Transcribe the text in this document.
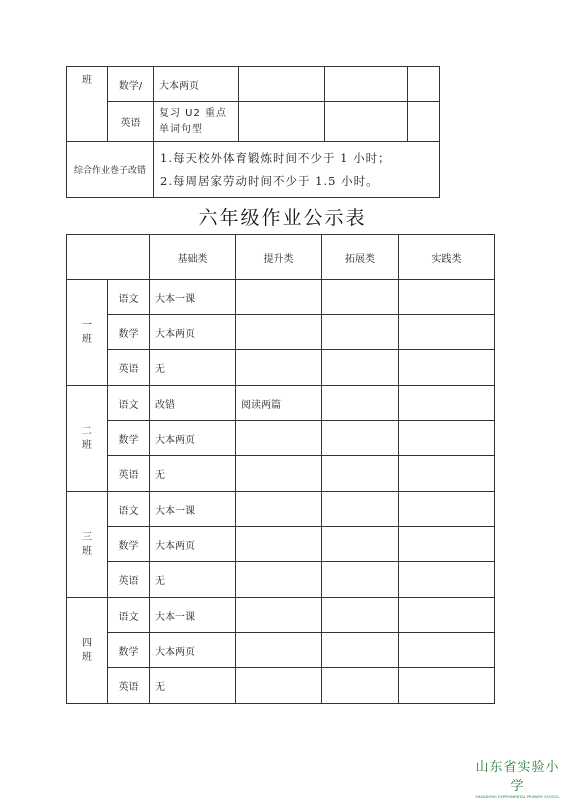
班	数学/	大本两页			
	英语	复习 U2 重点单词句型			
综合作业巻子改错		1.每天校外体育锻炼时间不少于 1 小时；
2.每周居家劳动时间不少于 1.5 小时。			
六年级作业公示表
		基础类	提升类	拓展类	实践类
一班	语文	大本一课			
	数学	大本两页			
	英语	无			
二班	语文	改错	阅读两篇		
	数学	大本两页			
	英语	无			
三班	语文	大本一课			
	数学	大本两页			
	英语	无			
四班	语文	大本一课			
	数学	大本两页			
	英语	无			
山东省实验小学
SHANDONG EXPERIMENTAL PRIMARY SCHOOL
